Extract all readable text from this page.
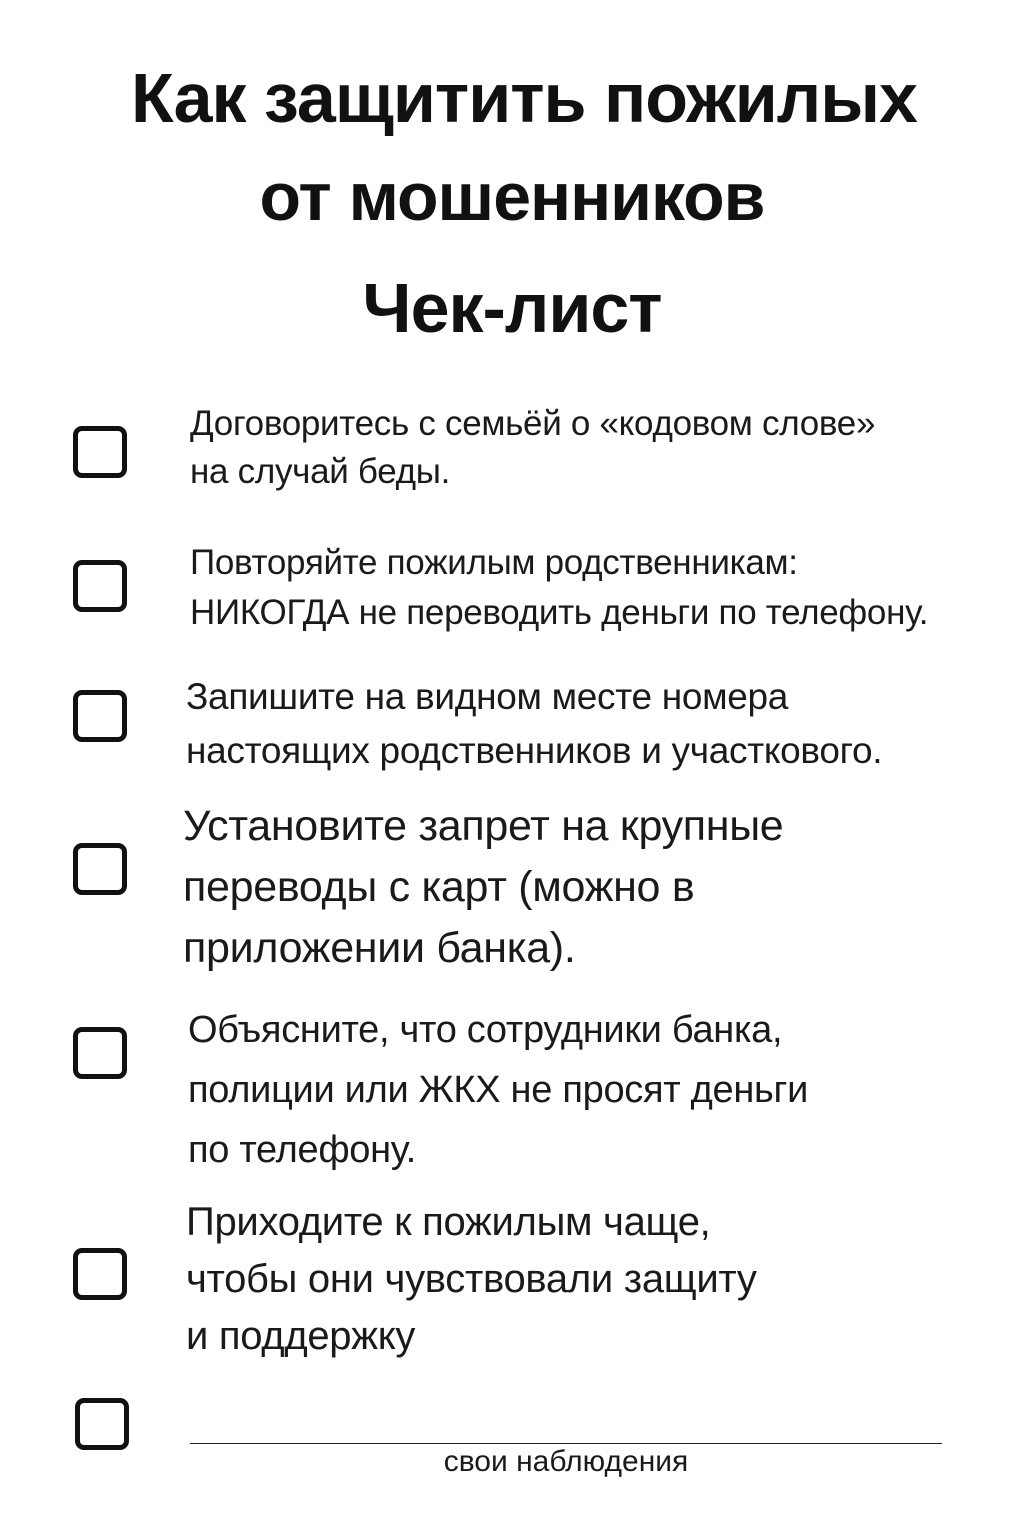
Как защитить пожилых
от мошенников
Чек-лист

Договоритесь с семьёй о «кодовом слове»
на случай беды.

Повторяйте пожилым родственникам:
НИКОГДА не переводить деньги по телефону.

Запишите на видном месте номера
настоящих родственников и участкового.

Установите запрет на крупные
переводы с карт (можно в
приложении банка).

Объясните, что сотрудники банка,
полиции или ЖКХ не просят деньги
по телефону.

Приходите к пожилым чаще,
чтобы они чувствовали защиту
и поддержку

свои наблюдения
